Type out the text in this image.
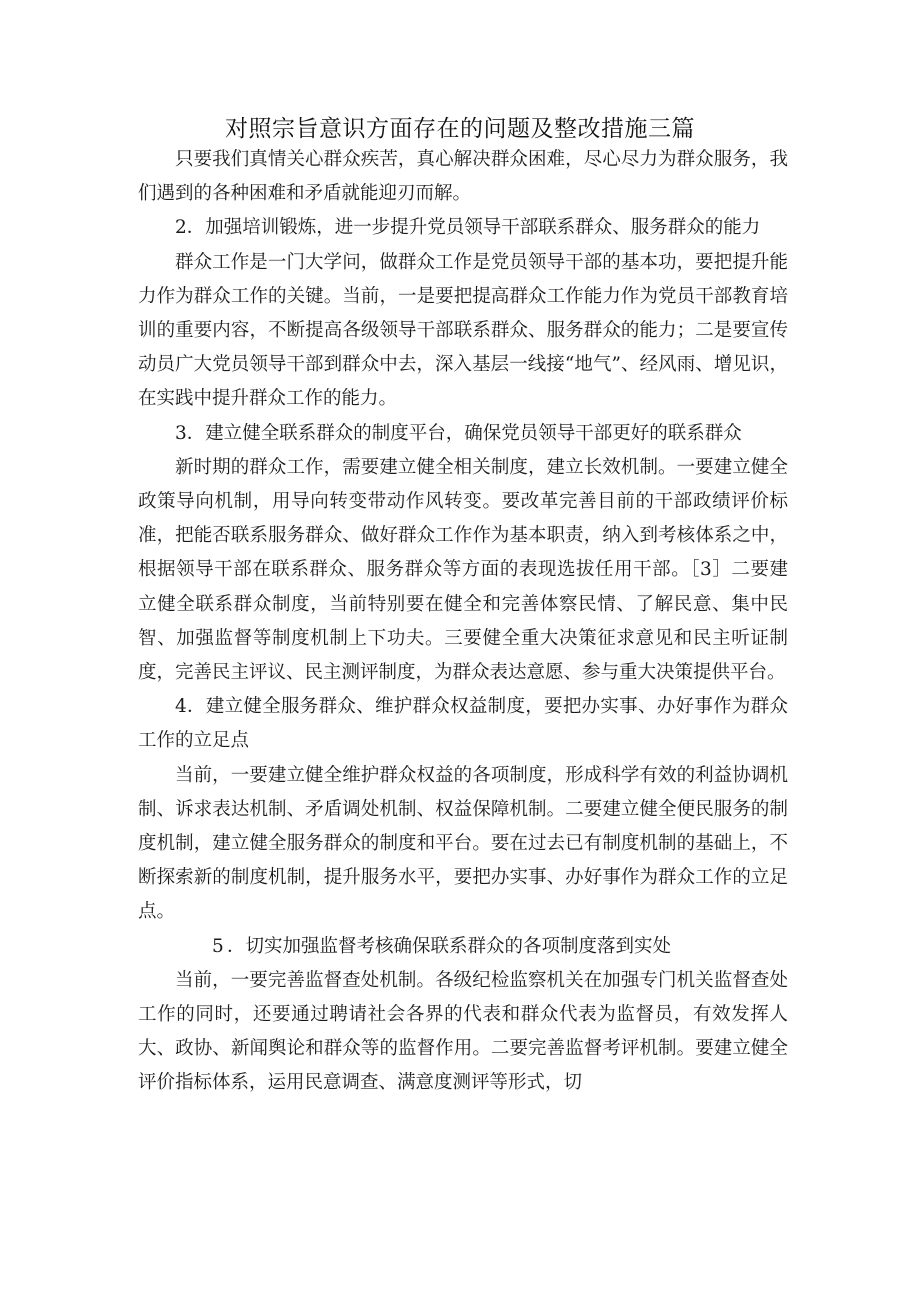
对照宗旨意识方面存在的问题及整改措施三篇

只要我们真情关心群众疾苦，真心解决群众困难，尽心尽力为群众服务，我们遇到的各种困难和矛盾就能迎刃而解。

2．加强培训锻炼，进一步提升党员领导干部联系群众、服务群众的能力

群众工作是一门大学问，做群众工作是党员领导干部的基本功，要把提升能力作为群众工作的关键。当前，一是要把提高群众工作能力作为党员干部教育培训的重要内容，不断提高各级领导干部联系群众、服务群众的能力；二是要宣传动员广大党员领导干部到群众中去，深入基层一线接“地气”、经风雨、增见识，在实践中提升群众工作的能力。

3．建立健全联系群众的制度平台，确保党员领导干部更好的联系群众

新时期的群众工作，需要建立健全相关制度，建立长效机制。一要建立健全政策导向机制，用导向转变带动作风转变。要改革完善目前的干部政绩评价标准，把能否联系服务群众、做好群众工作作为基本职责，纳入到考核体系之中，根据领导干部在联系群众、服务群众等方面的表现选拔任用干部。［3］二要建立健全联系群众制度，当前特别要在健全和完善体察民情、了解民意、集中民智、加强监督等制度机制上下功夫。三要健全重大决策征求意见和民主听证制度，完善民主评议、民主测评制度，为群众表达意愿、参与重大决策提供平台。

4．建立健全服务群众、维护群众权益制度，要把办实事、办好事作为群众工作的立足点

当前，一要建立健全维护群众权益的各项制度，形成科学有效的利益协调机制、诉求表达机制、矛盾调处机制、权益保障机制。二要建立健全便民服务的制度机制，建立健全服务群众的制度和平台。要在过去已有制度机制的基础上，不断探索新的制度机制，提升服务水平，要把办实事、办好事作为群众工作的立足点。

5 ．切实加强监督考核确保联系群众的各项制度落到实处

当前，一要完善监督查处机制。各级纪检监察机关在加强专门机关监督查处工作的同时，还要通过聘请社会各界的代表和群众代表为监督员，有效发挥人大、政协、新闻舆论和群众等的监督作用。二要完善监督考评机制。要建立健全评价指标体系，运用民意调查、满意度测评等形式，切
